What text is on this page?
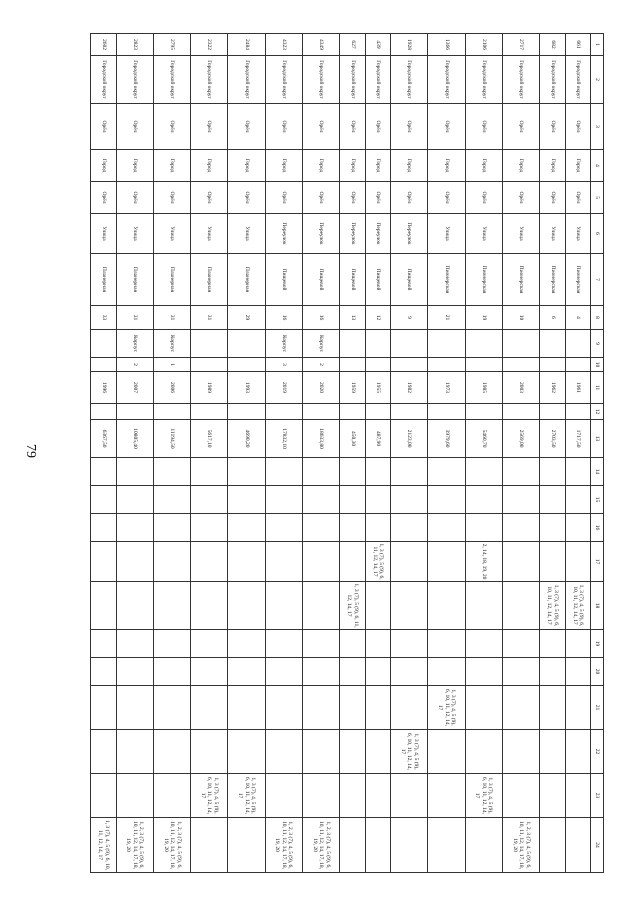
79
1	2	3	4	5	6	7	8	9	10	11	12	13	14	15	16	17	18	19	20	21	22	23	24
661	Городской округ	Орёл	Город	Орёл	Улица	Пионерская	4			1961		1717,50					1, 3 (7), 4, 5 (9), 6, 10, 11, 12, 14, 17						
682	Городской округ	Орёл	Город	Орёл	Улица	Пионерская	6			1962		2703,50					1, 3 (7), 4, 5 (9), 6, 10, 11, 12, 14, 17						
2717	Городской округ	Орёл	Город	Орёл	Улица	Пионерская	10			2003		2569,00											1, 2, 3 (7), 4, 5 (9), 6, 10, 11, 12, 14, 17, 18, 19, 20
2106	Городской округ	Орёл	Город	Орёл	Улица	Пионерская	19			1985		5460,70				2, 14, 18, 19, 20						1, 3 (7), 4, 5 (9), 6, 10, 11, 12, 14, 17	
1366	Городской округ	Орёл	Город	Орёл	Улица	Пионерская	21			1973		3979,60								1, 3 (7), 4, 5 (9), 6, 10, 11, 12, 14, 17			
1928	Городской округ	Орёл	Город	Орёл	Переулок	Пищевой	9			1982		2123,00									1, 3 (7), 4, 5 (9), 6, 10, 11, 12, 14, 17		
439	Городской округ	Орёл	Город	Орёл	Переулок	Пищевой	12			1955		487,90				1, 3 (7), 5 (9), 6, 11, 12, 14, 17							
627	Городской округ	Орёл	Город	Орёл	Переулок	Пищевой	13			1959		450,30					1, 3 (7), 5 (9), 6, 11, 12, 14, 17						
4349	Городской округ	Орёл	Город	Орёл	Переулок	Пищевой	16	Корпус	2	2020		18633,80											1, 2, 3 (7), 4, 5 (9), 6, 10, 11, 12, 14, 17, 18, 19, 20
4323	Городской округ	Орёл	Город	Орёл	Переулок	Пищевой	16	Корпус	3	2019		17832,10											1, 2, 3 (7), 4, 5 (9), 6, 10, 11, 12, 14, 17, 18, 19, 20
2484	Городской округ	Орёл	Город	Орёл	Улица	Планерная	29			1993		4690,20										1, 3 (7), 4, 5 (9), 6, 10, 11, 12, 14, 17	
2322	Городской округ	Орёл	Город	Орёл	Улица	Планерная	31			1989		5617,10										1, 3 (7), 4, 5 (9), 6, 10, 11, 12, 14, 17	
2795	Городской округ	Орёл	Город	Орёл	Улица	Планерная	31	Корпус	1	2006		11194,50											1, 2, 3 (7), 4, 5 (9), 6, 10, 11, 12, 14, 17, 18, 19, 20
2823	Городской округ	Орёл	Город	Орёл	Улица	Планерная	31	Корпус	2	2007		10805,40											1, 2, 3 (7), 4, 5 (9), 6, 10, 11, 12, 14, 17, 18, 19, 20
2602	Городской округ	Орёл	Город	Орёл	Улица	Планерная	33			1996		6367,50											1, 3 (7), 4, 5 (9), 6, 10, 11, 12, 14, 17
